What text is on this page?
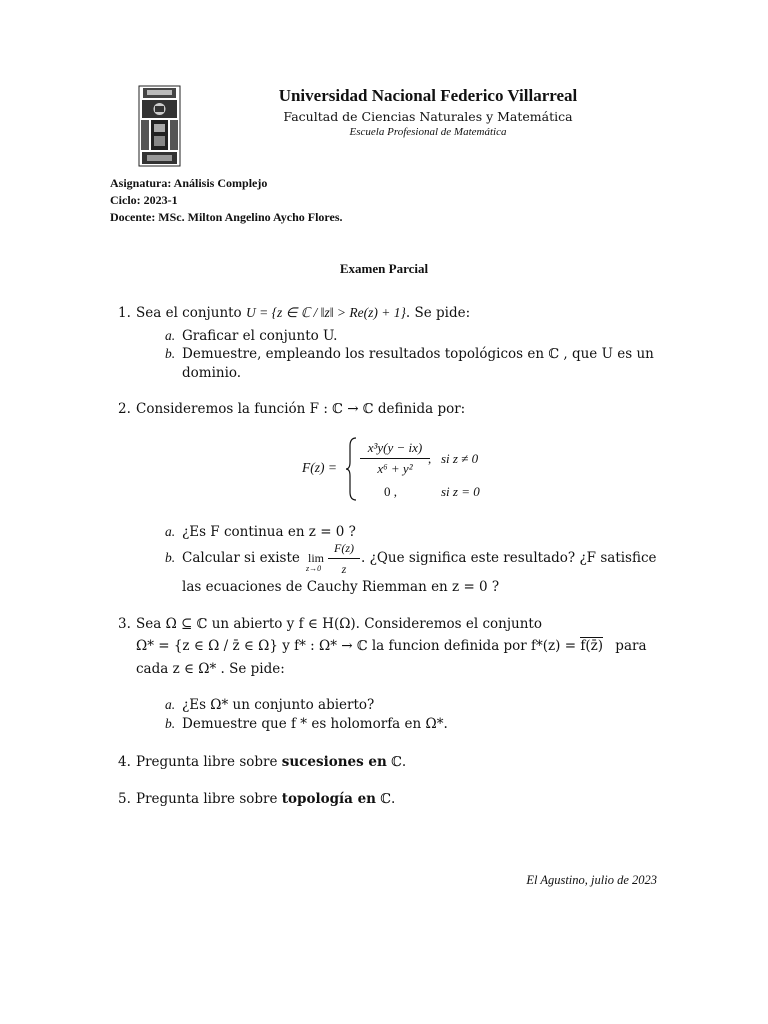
Universidad Nacional Federico Villarreal
Facultad de Ciencias Naturales y Matemática
Escuela Profesional de Matemática
Asignatura: Análisis Complejo
Ciclo: 2023-1
Docente: MSc. Milton Angelino Aycho Flores.
Examen Parcial
1. Sea el conjunto U = {z ∈ ℂ / ‖z‖ > Re(z) + 1}. Se pide:
a. Graficar el conjunto U.
b. Demuestre, empleando los resultados topológicos en ℂ , que U es un
dominio.
2. Consideremos la función F : ℂ → ℂ definida por:
F(z) =
x³y(y − ix)
x⁶ + y²
, si z ≠ 0
0 ,	si z = 0
a. ¿Es F continua en z = 0 ?
b. Calcular si existe lim
z→0
F(z)
z
. ¿Que significa este resultado? ¿F satisfice
las ecuaciones de Cauchy Riemman en z = 0 ?
3. Sea Ω ⊆ ℂ un abierto y f ∈ H(Ω). Consideremos el conjunto
Ω* = {z ∈ Ω / z̄ ∈ Ω} y f* : Ω* → ℂ la funcion definida por f*(z) = f(z̄) para
cada z ∈ Ω* . Se pide:
a. ¿Es Ω* un conjunto abierto?
b. Demuestre que f * es holomorfa en Ω*.
4. Pregunta libre sobre sucesiones en ℂ.
5. Pregunta libre sobre topología en ℂ.
El Agustino, julio de 2023
